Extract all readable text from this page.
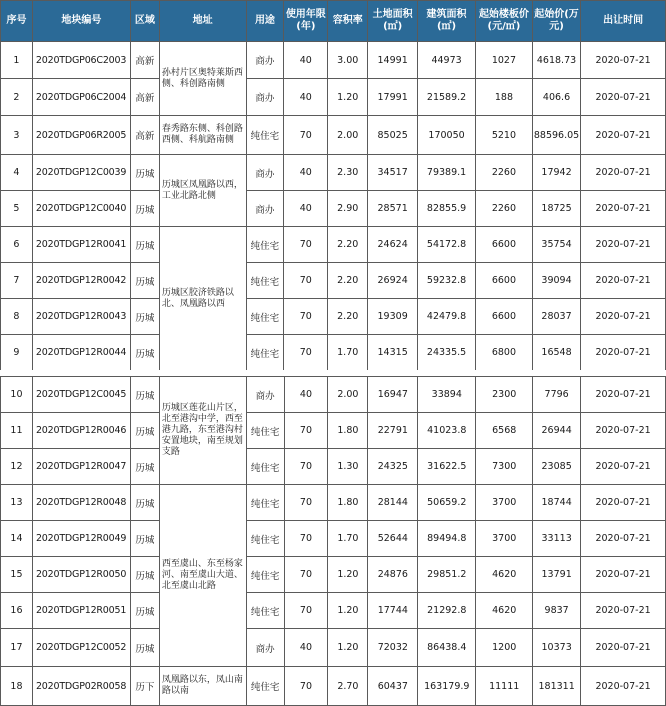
序号	地块编号	区域	地址	用途	使用年限(年)	容积率	土地面积(㎡)	建筑面积(㎡)	起始楼板价(元/㎡)	起始价(万元)	出让时间
1	2020TDGP06C2003	高新	孙村片区奥特莱斯西侧、科创路南侧	商办	40	3.00	14991	44973	1027	4618.73	2020-07-21
2	2020TDGP06C2004	高新		商办	40	1.20	17991	21589.2	188	406.6	2020-07-21
3	2020TDGP06R2005	高新	春秀路东侧、科创路西侧、科航路南侧	纯住宅	70	2.00	85025	170050	5210	88596.05	2020-07-21
4	2020TDGP12C0039	历城	历城区凤凰路以西，工业北路北侧	商办	40	2.30	34517	79389.1	2260	17942	2020-07-21
5	2020TDGP12C0040	历城		商办	40	2.90	28571	82855.9	2260	18725	2020-07-21
6	2020TDGP12R0041	历城	历城区胶济铁路以北、凤凰路以西	纯住宅	70	2.20	24624	54172.8	6600	35754	2020-07-21
7	2020TDGP12R0042	历城		纯住宅	70	2.20	26924	59232.8	6600	39094	2020-07-21
8	2020TDGP12R0043	历城		纯住宅	70	2.20	19309	42479.8	6600	28037	2020-07-21
9	2020TDGP12R0044	历城		纯住宅	70	1.70	14315	24335.5	6800	16548	2020-07-21
10	2020TDGP12C0045	历城	历城区莲花山片区，北至港沟中学，西至港九路，东至港沟村安置地块，南至规划支路	商办	40	2.00	16947	33894	2300	7796	2020-07-21
11	2020TDGP12R0046	历城		纯住宅	70	1.80	22791	41023.8	6568	26944	2020-07-21
12	2020TDGP12R0047	历城		纯住宅	70	1.30	24325	31622.5	7300	23085	2020-07-21
13	2020TDGP12R0048	历城	西至虞山、东至杨家河、南至虞山大道、北至虞山北路	纯住宅	70	1.80	28144	50659.2	3700	18744	2020-07-21
14	2020TDGP12R0049	历城		纯住宅	70	1.70	52644	89494.8	3700	33113	2020-07-21
15	2020TDGP12R0050	历城		纯住宅	70	1.20	24876	29851.2	4620	13791	2020-07-21
16	2020TDGP12R0051	历城		纯住宅	70	1.20	17744	21292.8	4620	9837	2020-07-21
17	2020TDGP12C0052	历城		商办	40	1.20	72032	86438.4	1200	10373	2020-07-21
18	2020TDGP02R0058	历下	凤凰路以东，凤山南路以南	纯住宅	70	2.70	60437	163179.9	11111	181311	2020-07-21
